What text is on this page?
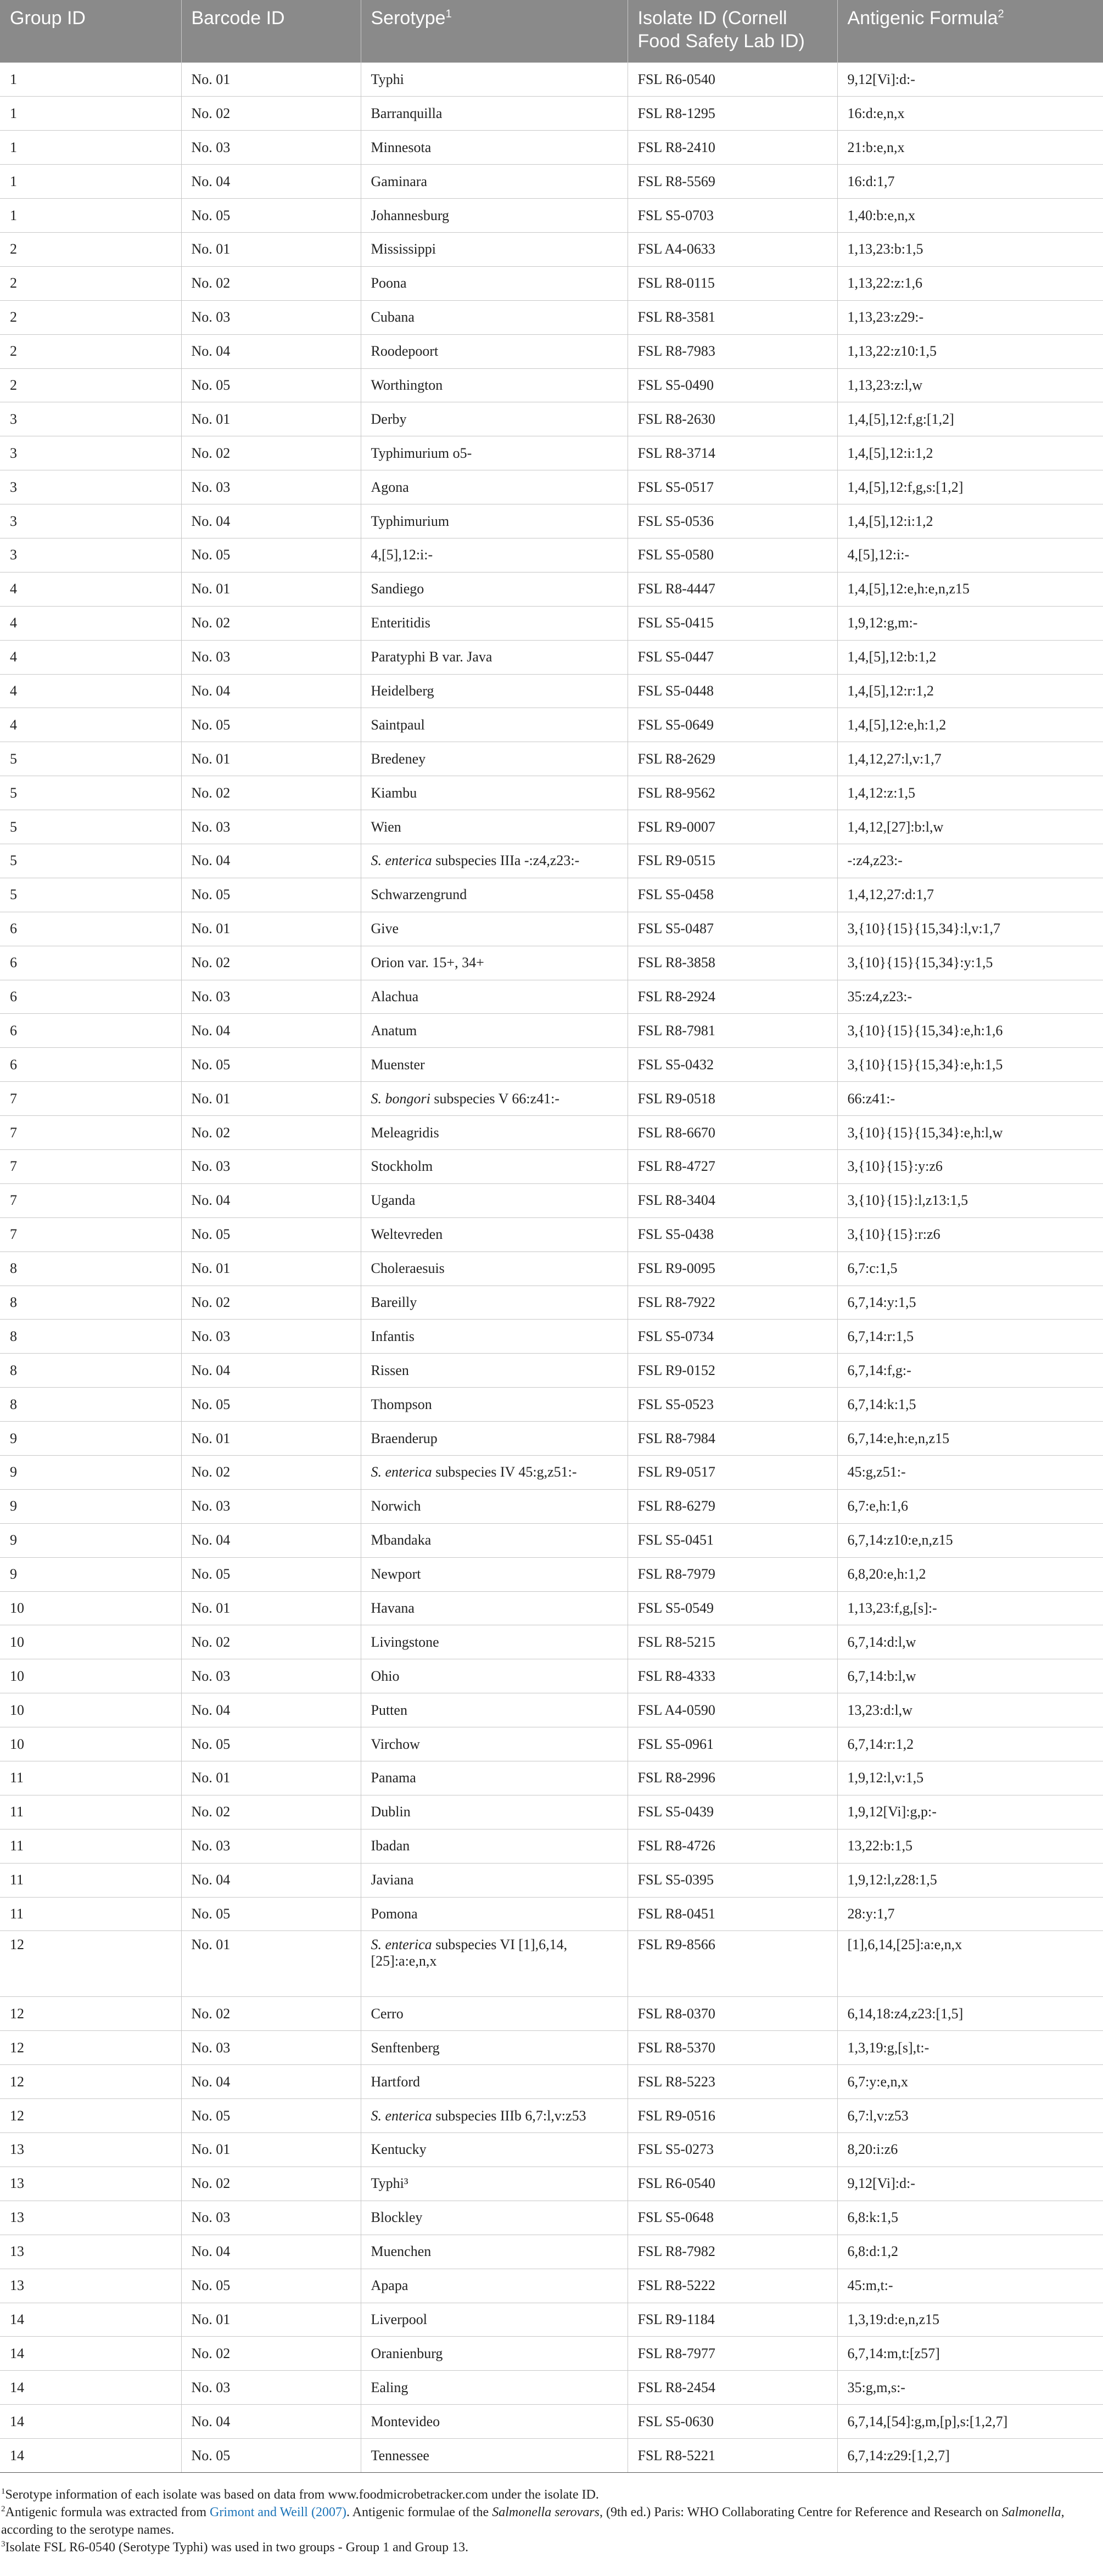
Group ID	Barcode ID	Serotype$^1$	Isolate ID (Cornell Food Safety Lab ID)	Antigenic Formula$^2$
1	No. 01	Typhi	FSL R6-0540	9,12[Vi]:d:-
1	No. 02	Barranquilla	FSL R8-1295	16:d:e,n,x
1	No. 03	Minnesota	FSL R8-2410	21:b:e,n,x
1	No. 04	Gaminara	FSL R8-5569	16:d:1,7
1	No. 05	Johannesburg	FSL S5-0703	1,40:b:e,n,x
2	No. 01	Mississippi	FSL A4-0633	1,13,23:b:1,5
2	No. 02	Poona	FSL R8-0115	1,13,22:z:1,6
2	No. 03	Cubana	FSL R8-3581	1,13,23:z29:-
2	No. 04	Roodepoort	FSL R8-7983	1,13,22:z10:1,5
2	No. 05	Worthington	FSL S5-0490	1,13,23:z:l,w
3	No. 01	Derby	FSL R8-2630	1,4,[5],12:f,g:[1,2]
3	No. 02	Typhimurium o5-	FSL R8-3714	1,4,[5],12:i:1,2
3	No. 03	Agona	FSL S5-0517	1,4,[5],12:f,g,s:[1,2]
3	No. 04	Typhimurium	FSL S5-0536	1,4,[5],12:i:1,2
3	No. 05	4,[5],12:i:-	FSL S5-0580	4,[5],12:i:-
4	No. 01	Sandiego	FSL R8-4447	1,4,[5],12:e,h:e,n,z15
4	No. 02	Enteritidis	FSL S5-0415	1,9,12:g,m:-
4	No. 03	Paratyphi B var. Java	FSL S5-0447	1,4,[5],12:b:1,2
4	No. 04	Heidelberg	FSL S5-0448	1,4,[5],12:r:1,2
4	No. 05	Saintpaul	FSL S5-0649	1,4,[5],12:e,h:1,2
5	No. 01	Bredeney	FSL R8-2629	1,4,12,27:l,v:1,7
5	No. 02	Kiambu	FSL R8-9562	1,4,12:z:1,5
5	No. 03	Wien	FSL R9-0007	1,4,12,[27]:b:l,w
5	No. 04	S. enterica subspecies IIIa -:z4,z23:-	FSL R9-0515	-:z4,z23:-
5	No. 05	Schwarzengrund	FSL S5-0458	1,4,12,27:d:1,7
6	No. 01	Give	FSL S5-0487	3,{10}{15}{15,34}:l,v:1,7
6	No. 02	Orion var. 15+, 34+	FSL R8-3858	3,{10}{15}{15,34}:y:1,5
6	No. 03	Alachua	FSL R8-2924	35:z4,z23:-
6	No. 04	Anatum	FSL R8-7981	3,{10}{15}{15,34}:e,h:1,6
6	No. 05	Muenster	FSL S5-0432	3,{10}{15}{15,34}:e,h:1,5
7	No. 01	S. bongori subspecies V 66:z41:-	FSL R9-0518	66:z41:-
7	No. 02	Meleagridis	FSL R8-6670	3,{10}{15}{15,34}:e,h:l,w
7	No. 03	Stockholm	FSL R8-4727	3,{10}{15}:y:z6
7	No. 04	Uganda	FSL R8-3404	3,{10}{15}:l,z13:1,5
7	No. 05	Weltevreden	FSL S5-0438	3,{10}{15}:r:z6
8	No. 01	Choleraesuis	FSL R9-0095	6,7:c:1,5
8	No. 02	Bareilly	FSL R8-7922	6,7,14:y:1,5
8	No. 03	Infantis	FSL S5-0734	6,7,14:r:1,5
8	No. 04	Rissen	FSL R9-0152	6,7,14:f,g:-
8	No. 05	Thompson	FSL S5-0523	6,7,14:k:1,5
9	No. 01	Braenderup	FSL R8-7984	6,7,14:e,h:e,n,z15
9	No. 02	S. enterica subspecies IV 45:g,z51:-	FSL R9-0517	45:g,z51:-
9	No. 03	Norwich	FSL R8-6279	6,7:e,h:1,6
9	No. 04	Mbandaka	FSL S5-0451	6,7,14:z10:e,n,z15
9	No. 05	Newport	FSL R8-7979	6,8,20:e,h:1,2
10	No. 01	Havana	FSL S5-0549	1,13,23:f,g,[s]:-
10	No. 02	Livingstone	FSL R8-5215	6,7,14:d:l,w
10	No. 03	Ohio	FSL R8-4333	6,7,14:b:l,w
10	No. 04	Putten	FSL A4-0590	13,23:d:l,w
10	No. 05	Virchow	FSL S5-0961	6,7,14:r:1,2
11	No. 01	Panama	FSL R8-2996	1,9,12:l,v:1,5
11	No. 02	Dublin	FSL S5-0439	1,9,12[Vi]:g,p:-
11	No. 03	Ibadan	FSL R8-4726	13,22:b:1,5
11	No. 04	Javiana	FSL S5-0395	1,9,12:l,z28:1,5
11	No. 05	Pomona	FSL R8-0451	28:y:1,7
12	No. 01	S. enterica subspecies VI [1],6,14,[25]:a:e,n,x	FSL R9-8566	[1],6,14,[25]:a:e,n,x
12	No. 02	Cerro	FSL R8-0370	6,14,18:z4,z23:[1,5]
12	No. 03	Senftenberg	FSL R8-5370	1,3,19:g,[s],t:-
12	No. 04	Hartford	FSL R8-5223	6,7:y:e,n,x
12	No. 05	S. enterica subspecies IIIb 6,7:l,v:z53	FSL R9-0516	6,7:l,v:z53
13	No. 01	Kentucky	FSL S5-0273	8,20:i:z6
13	No. 02	Typhi³	FSL R6-0540	9,12[Vi]:d:-
13	No. 03	Blockley	FSL S5-0648	6,8:k:1,5
13	No. 04	Muenchen	FSL R8-7982	6,8:d:1,2
13	No. 05	Apapa	FSL R8-5222	45:m,t:-
14	No. 01	Liverpool	FSL R9-1184	1,3,19:d:e,n,z15
14	No. 02	Oranienburg	FSL R8-7977	6,7,14:m,t:[z57]
14	No. 03	Ealing	FSL R8-2454	35:g,m,s:-
14	No. 04	Montevideo	FSL S5-0630	6,7,14,[54]:g,m,[p],s:[1,2,7]
14	No. 05	Tennessee	FSL R8-5221	6,7,14:z29:[1,2,7]

$^1$Serotype information of each isolate was based on data from www.foodmicrobetracker.com under the isolate ID.

$^2$Antigenic formula was extracted from Grimont and Weill (2007). Antigenic formulae of the Salmonella serovars, (9th ed.) Paris: WHO Collaborating Centre for Reference and Research on Salmonella, according to the serotype names.

$^3$Isolate FSL R6-0540 (Serotype Typhi) was used in two groups - Group 1 and Group 13.
